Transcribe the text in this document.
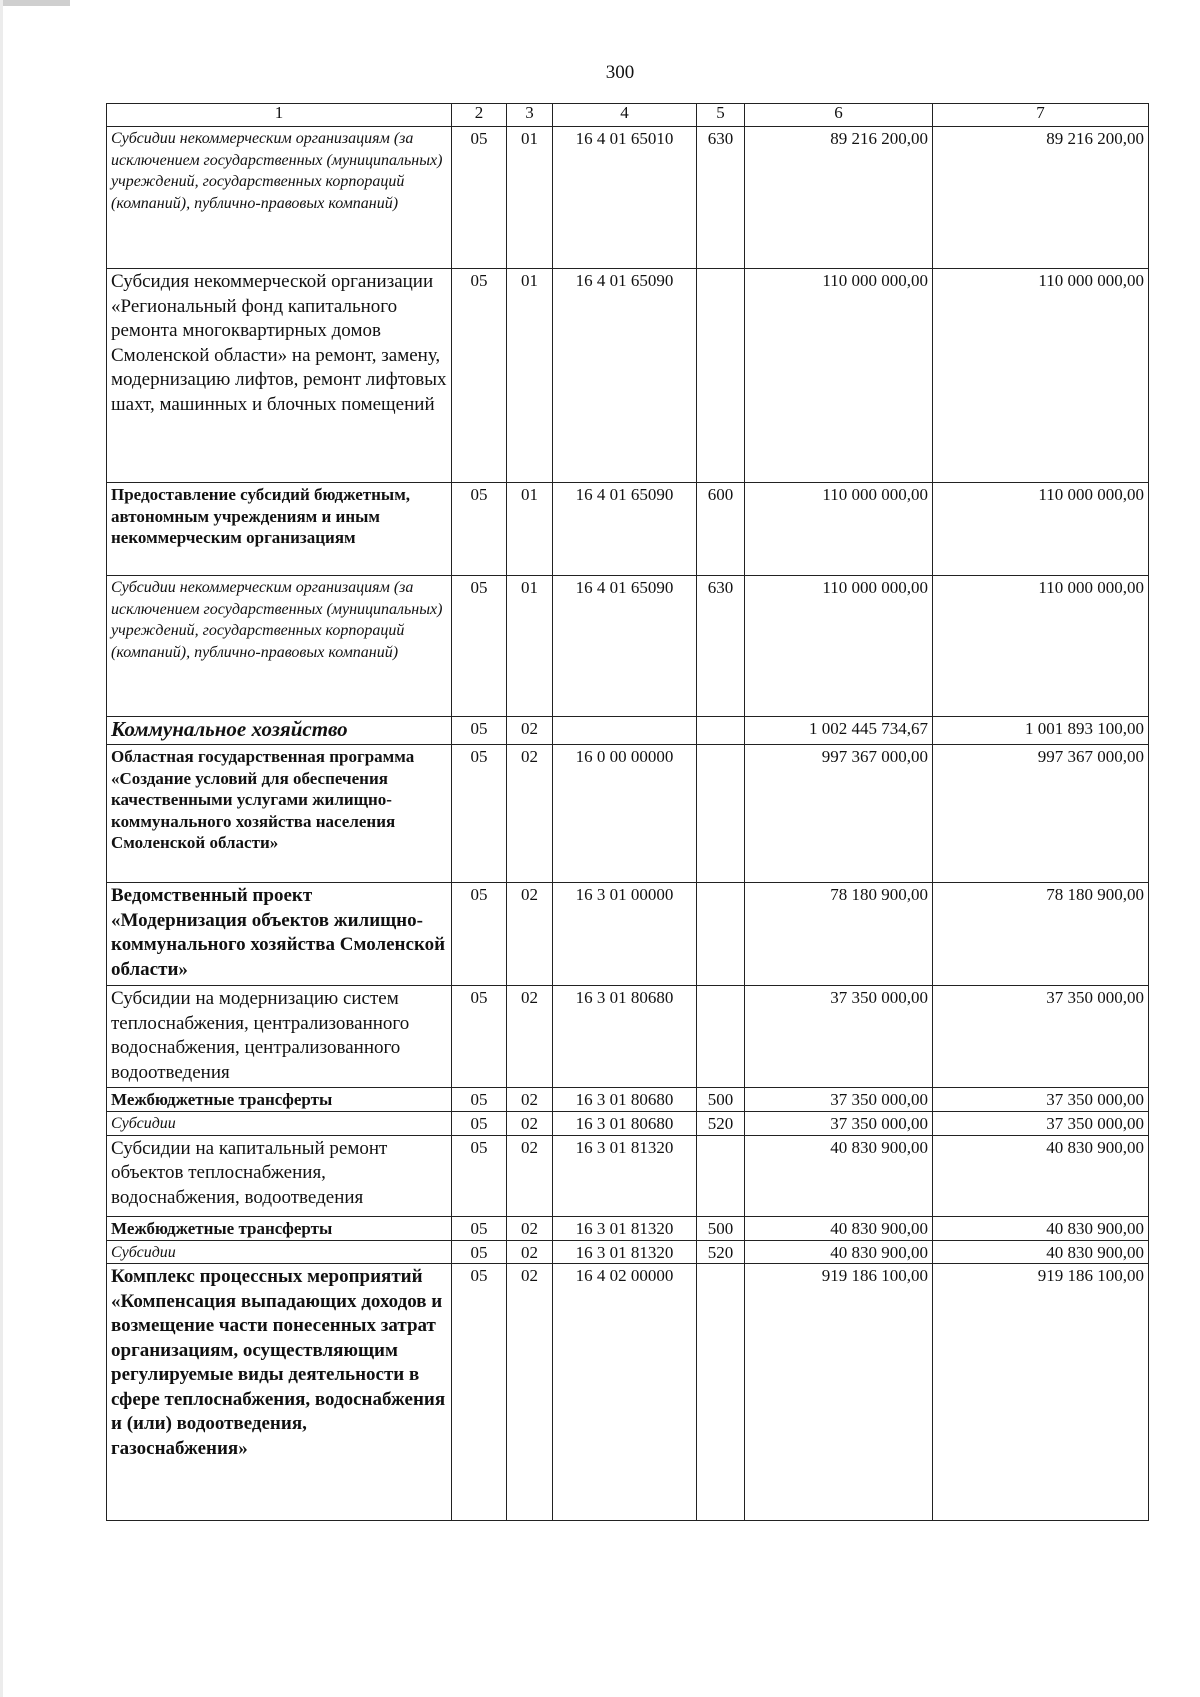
300
1	2	3	4	5	6	7
Субсидии некоммерческим организациям (за исключением государственных (муниципальных) учреждений, государственных корпораций (компаний), публично-правовых компаний)	05	01	16 4 01 65010	630	89 216 200,00	89 216 200,00
Субсидия некоммерческой организации «Региональный фонд капитального ремонта многоквартирных домов Смоленской области» на ремонт, замену, модернизацию лифтов, ремонт лифтовых шахт, машинных и блочных помещений	05	01	16 4 01 65090		110 000 000,00	110 000 000,00
Предоставление субсидий бюджетным, автономным учреждениям и иным некоммерческим организациям	05	01	16 4 01 65090	600	110 000 000,00	110 000 000,00
Субсидии некоммерческим организациям (за исключением государственных (муниципальных) учреждений, государственных корпораций (компаний), публично-правовых компаний)	05	01	16 4 01 65090	630	110 000 000,00	110 000 000,00
Коммунальное хозяйство	05	02			1 002 445 734,67	1 001 893 100,00
Областная государственная программа «Создание условий для обеспечения качественными услугами жилищно-коммунального хозяйства населения Смоленской области»	05	02	16 0 00 00000		997 367 000,00	997 367 000,00
Ведомственный проект «Модернизация объектов жилищно-коммунального хозяйства Смоленской области»	05	02	16 3 01 00000		78 180 900,00	78 180 900,00
Субсидии на модернизацию систем теплоснабжения, централизованного водоснабжения, централизованного водоотведения	05	02	16 3 01 80680		37 350 000,00	37 350 000,00
Межбюджетные трансферты	05	02	16 3 01 80680	500	37 350 000,00	37 350 000,00
Субсидии	05	02	16 3 01 80680	520	37 350 000,00	37 350 000,00
Субсидии на капитальный ремонт объектов теплоснабжения, водоснабжения, водоотведения	05	02	16 3 01 81320		40 830 900,00	40 830 900,00
Межбюджетные трансферты	05	02	16 3 01 81320	500	40 830 900,00	40 830 900,00
Субсидии	05	02	16 3 01 81320	520	40 830 900,00	40 830 900,00
Комплекс процессных мероприятий «Компенсация выпадающих доходов и возмещение части понесенных затрат организациям, осуществляющим регулируемые виды деятельности в сфере теплоснабжения, водоснабжения и (или) водоотведения, газоснабжения»	05	02	16 4 02 00000		919 186 100,00	919 186 100,00
